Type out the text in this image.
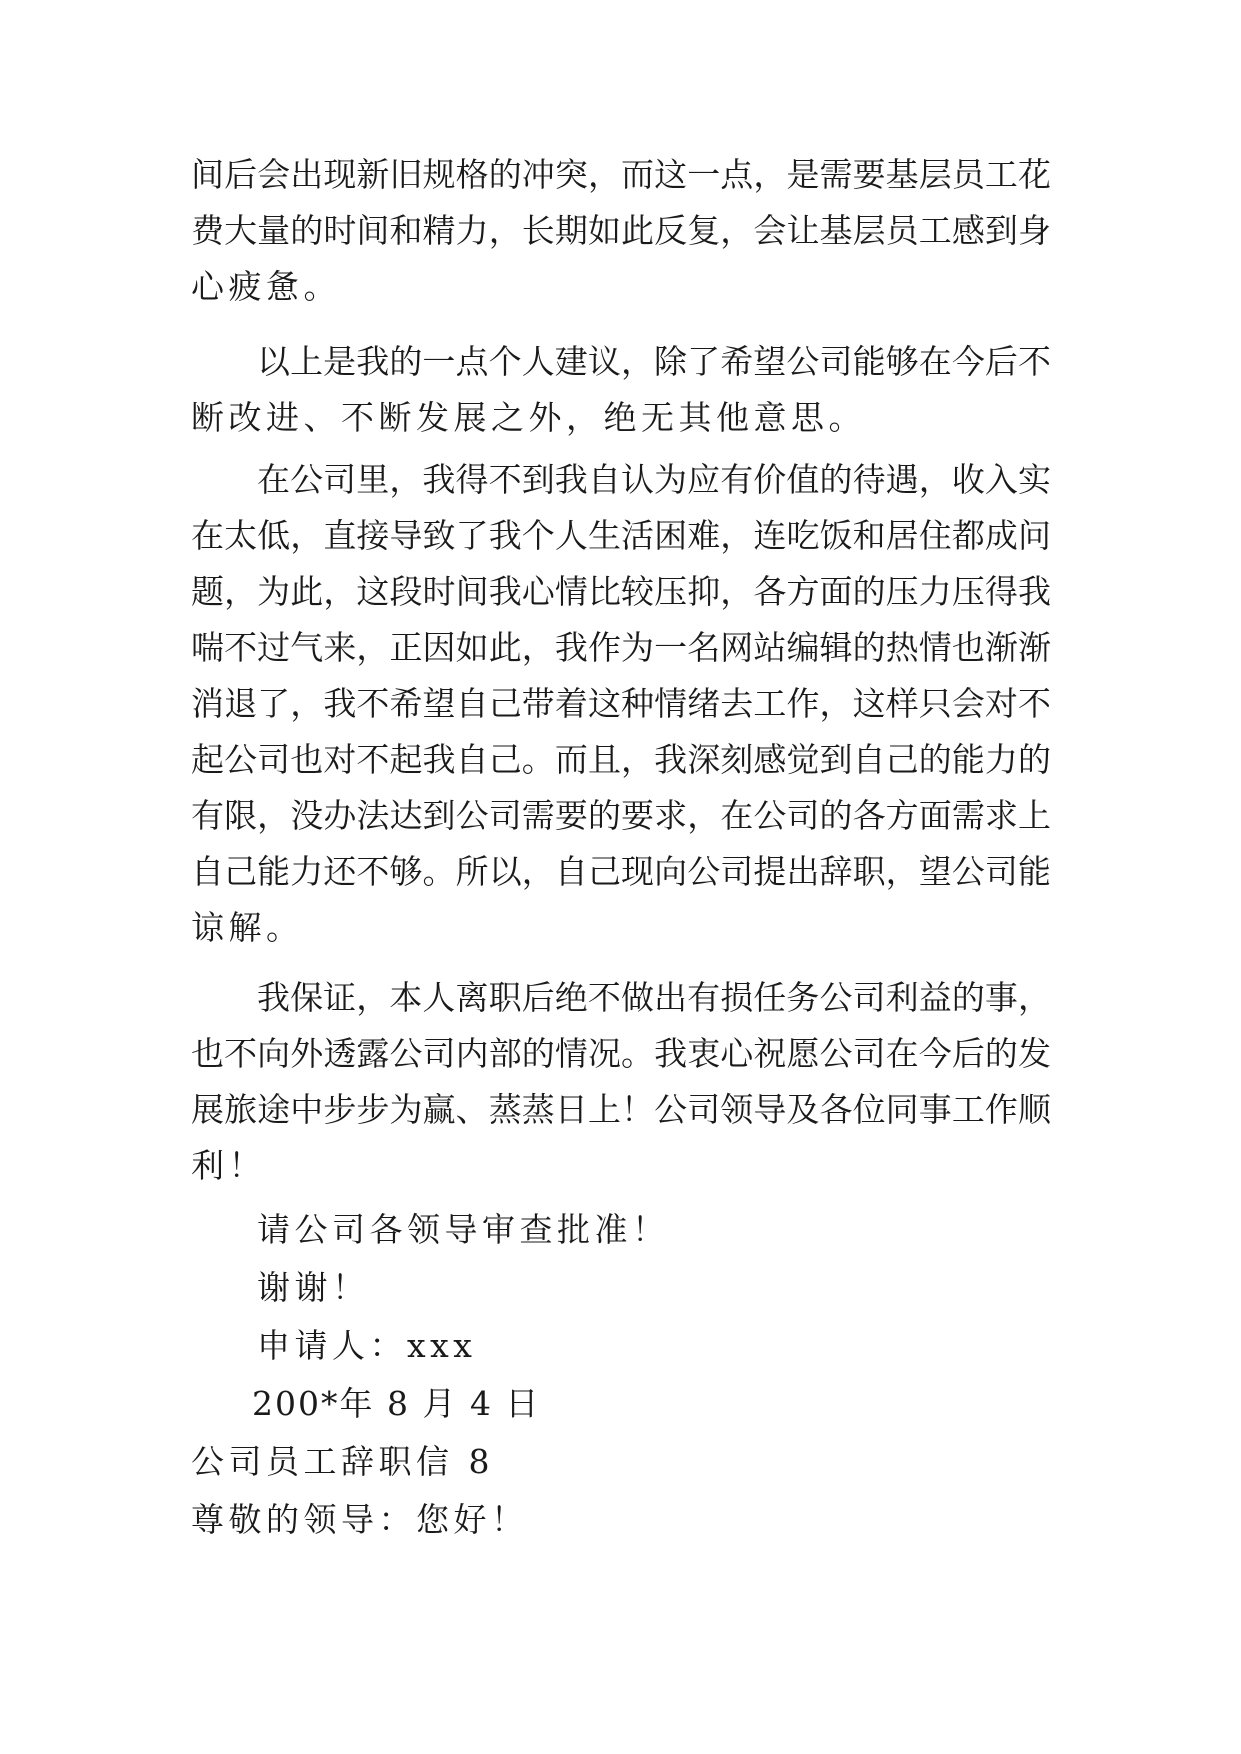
间后会出现新旧规格的冲突，而这一点，是需要基层员工花
费大量的时间和精力，长期如此反复，会让基层员工感到身
心疲惫。
以上是我的一点个人建议，除了希望公司能够在今后不
断改进、不断发展之外，绝无其他意思。
在公司里，我得不到我自认为应有价值的待遇，收入实
在太低，直接导致了我个人生活困难，连吃饭和居住都成问
题，为此，这段时间我心情比较压抑，各方面的压力压得我
喘不过气来，正因如此，我作为一名网站编辑的热情也渐渐
消退了，我不希望自己带着这种情绪去工作，这样只会对不
起公司也对不起我自己。而且，我深刻感觉到自己的能力的
有限，没办法达到公司需要的要求，在公司的各方面需求上
自己能力还不够。所以，自己现向公司提出辞职，望公司能
谅解。
我保证，本人离职后绝不做出有损任务公司利益的事，
也不向外透露公司内部的情况。我衷心祝愿公司在今后的发
展旅途中步步为赢、蒸蒸日上！公司领导及各位同事工作顺
利！
请公司各领导审查批准！
谢谢！
申请人：xxx
200*年 8 月 4 日
公司员工辞职信 8
尊敬的领导：您好！
